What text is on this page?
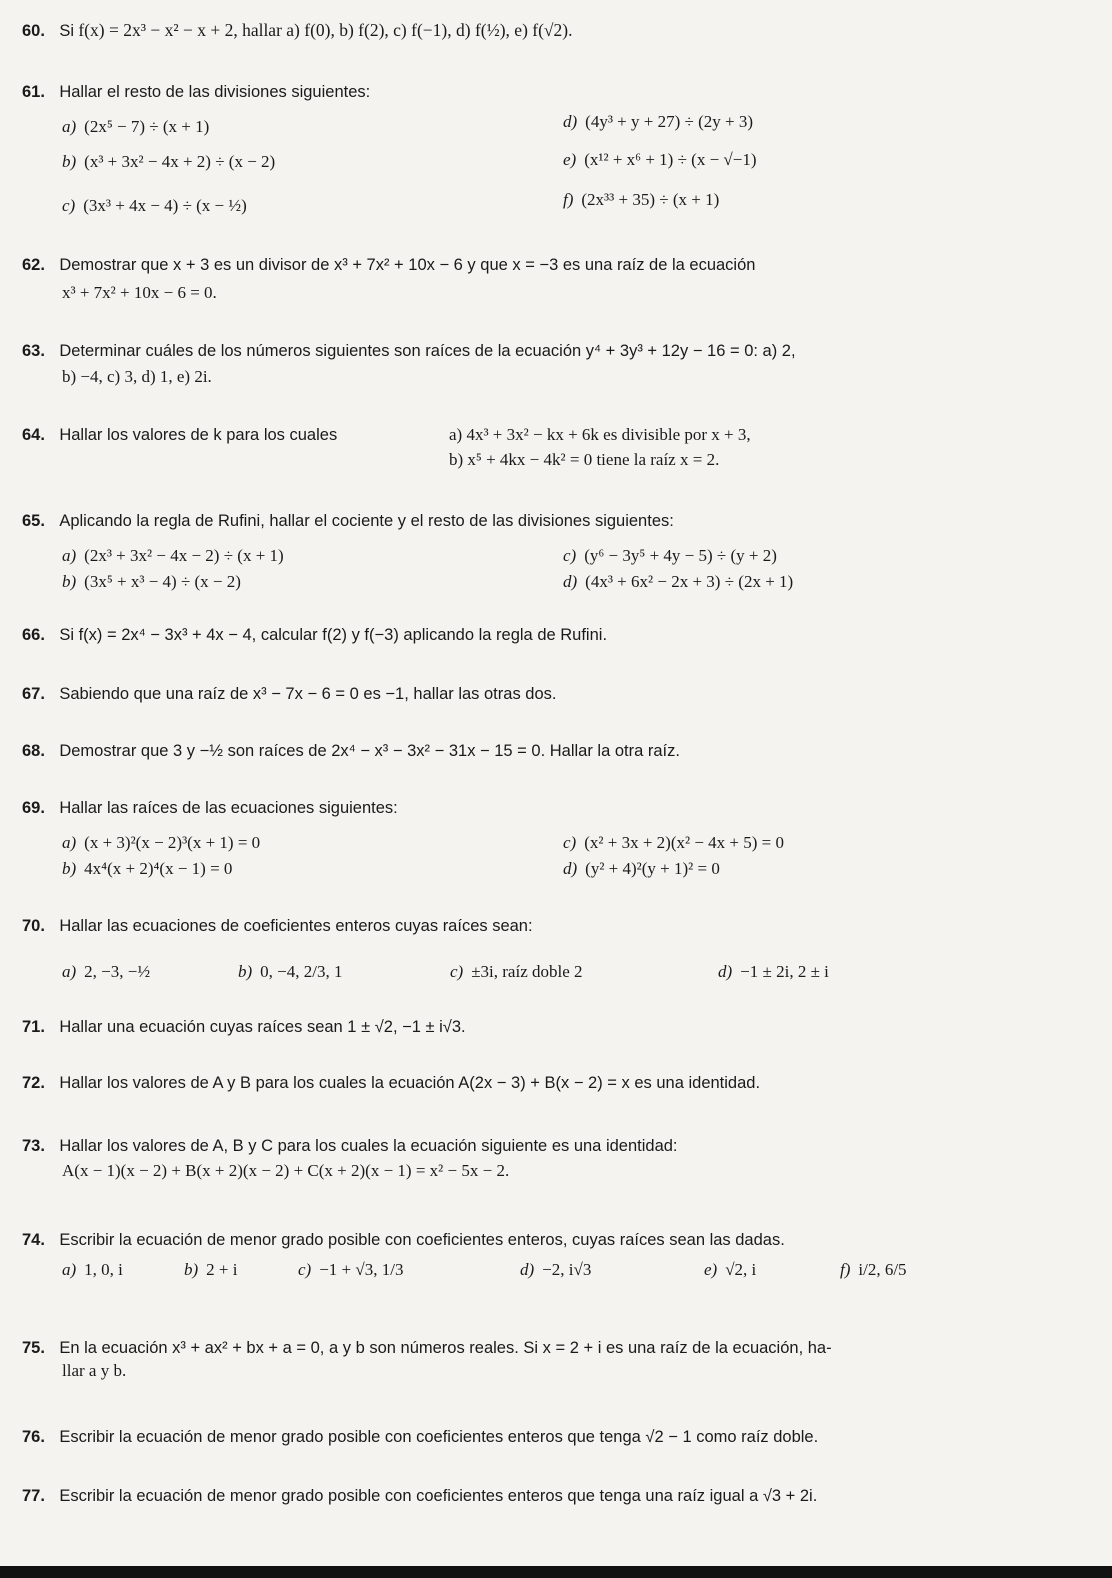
60. Si f(x) = 2x³ − x² − x + 2, hallar a) f(0), b) f(2), c) f(−1), d) f(½), e) f(√2).
61. Hallar el resto de las divisiones siguientes:
a) (2x⁵ − 7) ÷ (x + 1)	d) (4y³ + y + 27) ÷ (2y + 3)
b) (x³ + 3x² − 4x + 2) ÷ (x − 2)	e) (x¹² + x⁶ + 1) ÷ (x − √−1)
c) (3x³ + 4x − 4) ÷ (x − ½)	f) (2x³³ + 35) ÷ (x + 1)
62. Demostrar que x + 3 es un divisor de x³ + 7x² + 10x − 6 y que x = −3 es una raíz de la ecuación
x³ + 7x² + 10x − 6 = 0.
63. Determinar cuáles de los números siguientes son raíces de la ecuación y⁴ + 3y³ + 12y − 16 = 0: a) 2,
b) −4, c) 3, d) 1, e) 2i.
64. Hallar los valores de k para los cuales	a) 4x³ + 3x² − kx + 6k es divisible por x + 3,
b) x⁵ + 4kx − 4k² = 0 tiene la raíz x = 2.
65. Aplicando la regla de Rufini, hallar el cociente y el resto de las divisiones siguientes:
a) (2x³ + 3x² − 4x − 2) ÷ (x + 1)	c) (y⁶ − 3y⁵ + 4y − 5) ÷ (y + 2)
b) (3x⁵ + x³ − 4) ÷ (x − 2)	d) (4x³ + 6x² − 2x + 3) ÷ (2x + 1)
66. Si f(x) = 2x⁴ − 3x³ + 4x − 4, calcular f(2) y f(−3) aplicando la regla de Rufini.
67. Sabiendo que una raíz de x³ − 7x − 6 = 0 es −1, hallar las otras dos.
68. Demostrar que 3 y −½ son raíces de 2x⁴ − x³ − 3x² − 31x − 15 = 0. Hallar la otra raíz.
69. Hallar las raíces de las ecuaciones siguientes:
a) (x + 3)²(x − 2)³(x + 1) = 0	c) (x² + 3x + 2)(x² − 4x + 5) = 0
b) 4x⁴(x + 2)⁴(x − 1) = 0	d) (y² + 4)²(y + 1)² = 0
70. Hallar las ecuaciones de coeficientes enteros cuyas raíces sean:
a) 2, −3, −½	b) 0, −4, 2/3, 1	c) ±3i, raíz doble 2	d) −1 ± 2i, 2 ± i
71. Hallar una ecuación cuyas raíces sean 1 ± √2, −1 ± i√3.
72. Hallar los valores de A y B para los cuales la ecuación A(2x − 3) + B(x − 2) = x es una identidad.
73. Hallar los valores de A, B y C para los cuales la ecuación siguiente es una identidad:
A(x − 1)(x − 2) + B(x + 2)(x − 2) + C(x + 2)(x − 1) = x² − 5x − 2.
74. Escribir la ecuación de menor grado posible con coeficientes enteros, cuyas raíces sean las dadas.
a) 1, 0, i	b) 2 + i	c) −1 + √3, 1/3	d) −2, i√3	e) √2, i	f) i/2, 6/5
75. En la ecuación x³ + ax² + bx + a = 0, a y b son números reales. Si x = 2 + i es una raíz de la ecuación, ha-
llar a y b.
76. Escribir la ecuación de menor grado posible con coeficientes enteros que tenga √2 − 1 como raíz doble.
77. Escribir la ecuación de menor grado posible con coeficientes enteros que tenga una raíz igual a √3 + 2i.
